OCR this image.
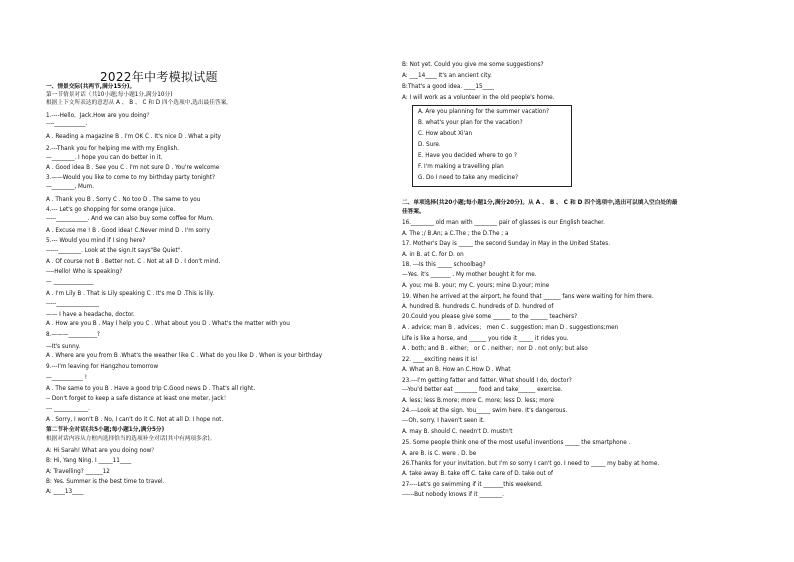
2022年中考模拟试题
一、情景交际(共两节,满分15分)。
第一节情景对话（共10小题;每小题1分,满分10分)
根据上下文所表达的意思从 A 、 B 、 C 和 D 四个选项中,选出最佳答案。
1.----Hello，Jack.How are you doing？
----___________.
A . Reading a magazine B . I'm OK C . It's nice D . What a pity
2.---Thank you for helping me with my English.
—________. I hope you can do better in it.
A . Good idea B . See you C . I'm not sure D . You're welcome
3.——Would you like to come to my birthday party tonight?
—________, Mum.
A . Thank you B . Sorry C . No too D . The same to you
4.--- Let's go shopping for some orange juice.
-----___________. And we can also buy some coffee for Mum.
A . Excuse me ! B . Good idea! C.Never mind D . I'm sorry
5.--- Would you mind if I sing here?
------________. Look at the sign.It says"Be Quiet".
A . Of course not B . Better not. C . Not at all D . I don't mind.
----Hello! Who is speaking?
— ______________
A . I'm Lily B . That is Lily speaking C . It's me D .This is lily.
-----_______________
—— I have a headache, doctor.
A . How are you B . May I help you C . What about you D . What's the matter with you
8.———__________?
—It's sunny.
A . Where are you from B .What's the weather like C . What do you like D . When is your birthday
9.---I'm leaving for Hangzhou tomorrow
—___________ !
A . The same to you B . Have a good trip C.Good news D . That's all right.
-- Don't forget to keep a safe distance at least one meter, Jack！
--- ____________.
A . Sorry, I won't B . No, I can't do it C. Not at all D. I hope not.
第二节补全对话(共5小题;每小题1分,满分5分)
根据对话内容从方框内选择恰当的选项补全对话(其中有两项多余)。
A: Hi Sarah! What are you doing now？
B: Hi, Yang Ning. I _____11____
A: Travelling? ______12
B: Yes. Summer is the best time to travel.
A: ____13____
A. Are you planning for the summer vacation?
B. what's your plan for the vacation?
C. How about Xi'an
D. Sure.
E. Have you decided where to go ?
F. I'm making a travelling plan
G. Do I need to take any medicine?
B: Not yet. Could you give me some suggestions?
A: ___14____ It's an ancient city.
B:That's a good idea. ____15____
A: I will work as a volunteer in the old people's home.
二、单项选择(共20小题;每小题1分,满分20分)。从 A 、 B 、 C 和 D 四个选项中,选出可以填入空白处的最
佳答案。
16.________ old man with ________ pair of glasses is our English teacher.
A. The ;/ B.An; a C.The ; the D.The ; a
17. Mother's Day is _____ the second Sunday in May in the United States.
A. in B. at C. for D. on
18. ---Is this _____ schoolbag?
—Yes. it's _______ . My mother bought it for me.
A. you; me B. your; my C. yours; mine D.your; mine
19. When he arrived at the airport, he found that ______ fans were waiting for him there.
A. hundred B. hundreds C. hundreds of D. hundred of
20.Could you please give some ______ to the ______ teachers?
A . advice; man B . advices； men C . suggestion; man D . suggestions;men
Life is like a horse, and ______ you ride it _____ it rides you.
A . both; and B . either； or C . neither；nor D . not only; but also
22. ____exciting news it is!
A. What an B. How an C.How D . What
23.---I'm getting fatter and fatter. What should I do, doctor?
---You'd better eat ________ food and take______ exercise.
A. less; less B.more; more C. more; less D. less; more
24.---Look at the sign. You_____ swim here. It's dangerous.
---Oh, sorry. I haven't seen it.
A. may B. should C. needn't D. mustn't
25. Some people think one of the most useful inventions _____ the smartphone .
A. are B. is C. were . D. be
26.Thanks for your invitation. but I'm so sorry I can't go. I need to _____ my baby at home.
A. take away B. take off C. take care of D. take out of
27----Let's go swimming if it _______this weekend.
------But nobody knows if it ________.
